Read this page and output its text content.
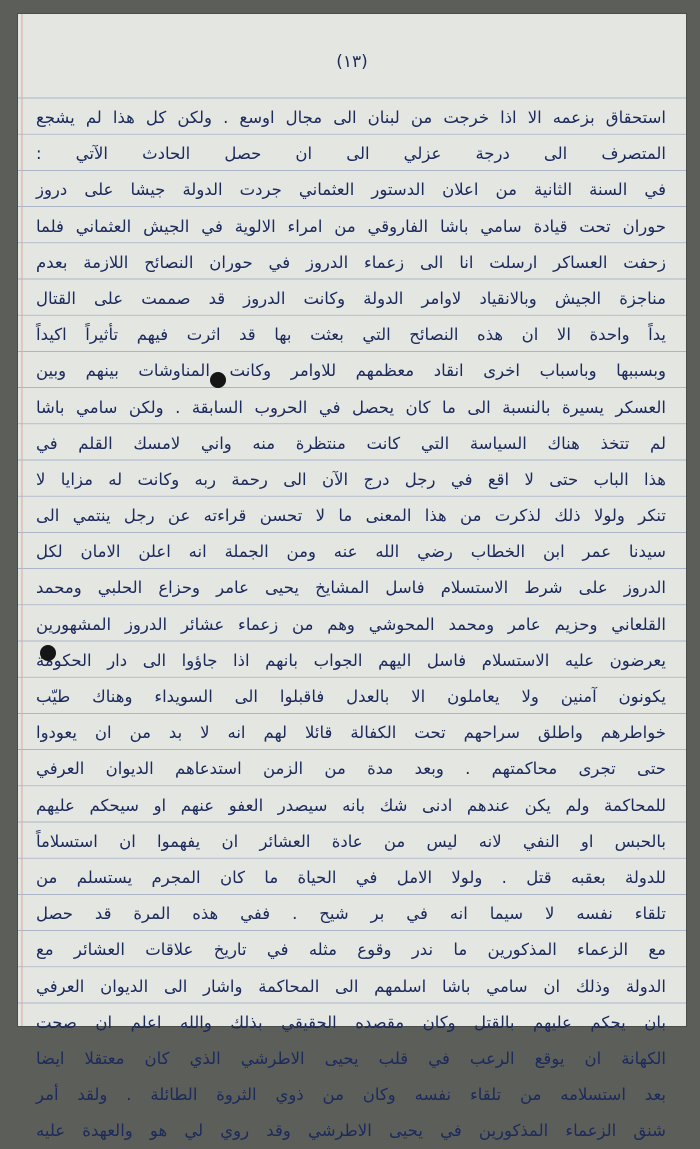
(١٣)
استحقاق بزعمه الا اذا خرجت من لبنان الى مجال اوسع . ولكن كل هذا لم يشجع
المتصرف الى درجة عزلي الى ان حصل الحادث الآتي :
في السنة الثانية من اعلان الدستور العثماني جردت الدولة جيشا على دروز
حوران تحت قيادة سامي باشا الفاروقي من امراء الالوية في الجيش العثماني فلما
زحفت العساكر ارسلت انا الى زعماء الدروز في حوران النصائح اللازمة بعدم
مناجزة الجيش وبالانقياد لاوامر الدولة وكانت الدروز قد صممت على القتال
يداً واحدة الا ان هذه النصائح التي بعثت بها قد اثرت فيهم تأثيراً اكيداً
وبسببها وباسباب اخرى انقاد معظمهم للاوامر وكانت المناوشات بينهم وبين
العسكر يسيرة بالنسبة الى ما كان يحصل في الحروب السابقة . ولكن سامي باشا
لم تتخذ هناك السياسة التي كانت منتظرة منه واني لامسك القلم في
هذا الباب حتى لا اقع في رجل درج الآن الى رحمة ربه وكانت له مزايا لا
تنكر ولولا ذلك لذكرت من هذا المعنى ما لا تحسن قراءته عن رجل ينتمي الى
سيدنا عمر ابن الخطاب رضي الله عنه ومن الجملة انه اعلن الامان لكل
الدروز على شرط الاستسلام فاسل المشايخ يحيى عامر وحزاع الحلبي ومحمد
القلعاني وحزيم عامر ومحمد المحوشي وهم من زعماء عشائر الدروز المشهورين
يعرضون عليه الاستسلام فاسل اليهم الجواب بانهم اذا جاؤوا الى دار الحكومة
يكونون آمنين ولا يعاملون الا بالعدل فاقبلوا الى السويداء وهناك طيّب
خواطرهم واطلق سراحهم تحت الكفالة قائلا لهم انه لا بد من ان يعودوا
حتى تجرى محاكمتهم . وبعد مدة من الزمن استدعاهم الديوان العرفي
للمحاكمة ولم يكن عندهم ادنى شك بانه سيصدر العفو عنهم او سيحكم عليهم
بالحبس او النفي لانه ليس من عادة العشائر ان يفهموا ان استسلاماً
للدولة بعقبه قتل . ولولا الامل في الحياة ما كان المجرم يستسلم من
تلقاء نفسه لا سيما انه في بر شيح . ففي هذه المرة قد حصل
مع الزعماء المذكورين ما ندر وقوع مثله في تاريخ علاقات العشائر مع
الدولة وذلك ان سامي باشا اسلمهم الى المحاكمة واشار الى الديوان العرفي
بان يحكم عليهم بالقتل وكان مقصده الحقيقي بذلك والله اعلم ان صحت
الكهانة ان يوقع الرعب في قلب يحيى الاطرشي الذي كان معتقلا ايضا
بعد استسلامه من تلقاء نفسه وكان من ذوي الثروة الطائلة . ولقد أمر
شنق الزعماء المذكورين في يحيى الاطرشي وقد روي لي هو والعهدة عليه
